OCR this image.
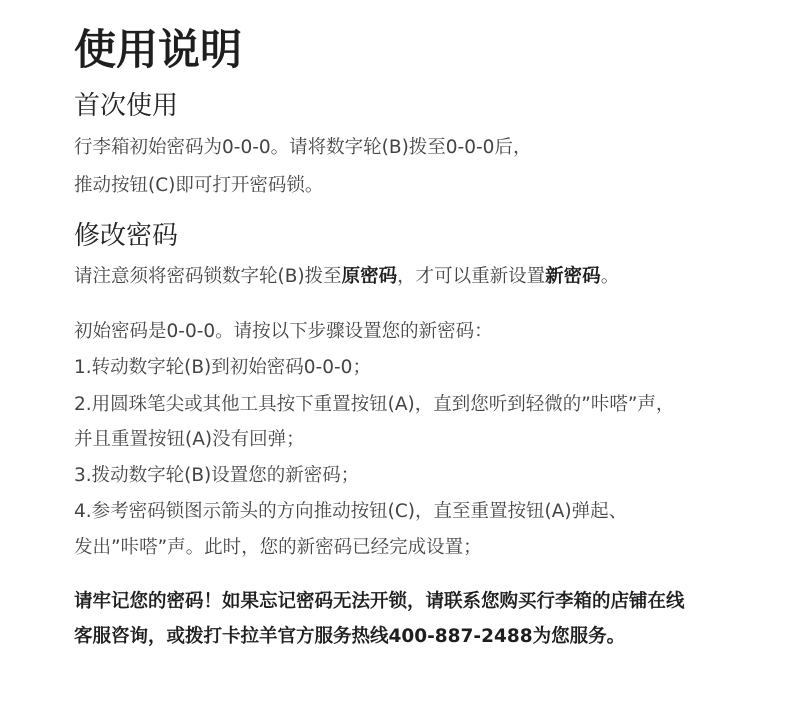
使用说明
首次使用
行李箱初始密码为0-0-0。请将数字轮(B)拨至0-0-0后，
推动按钮(C)即可打开密码锁。
修改密码
请注意须将密码锁数字轮(B)拨至原密码，才可以重新设置新密码。
初始密码是0-0-0。请按以下步骤设置您的新密码：
1.转动数字轮(B)到初始密码0-0-0；
2.用圆珠笔尖或其他工具按下重置按钮(A)，直到您听到轻微的”咔嗒”声，
并且重置按钮(A)没有回弹；
3.拨动数字轮(B)设置您的新密码；
4.参考密码锁图示箭头的方向推动按钮(C)，直至重置按钮(A)弹起、
发出”咔嗒”声。此时，您的新密码已经完成设置；
请牢记您的密码！如果忘记密码无法开锁，请联系您购买行李箱的店铺在线
客服咨询，或拨打卡拉羊官方服务热线400-887-2488为您服务。
